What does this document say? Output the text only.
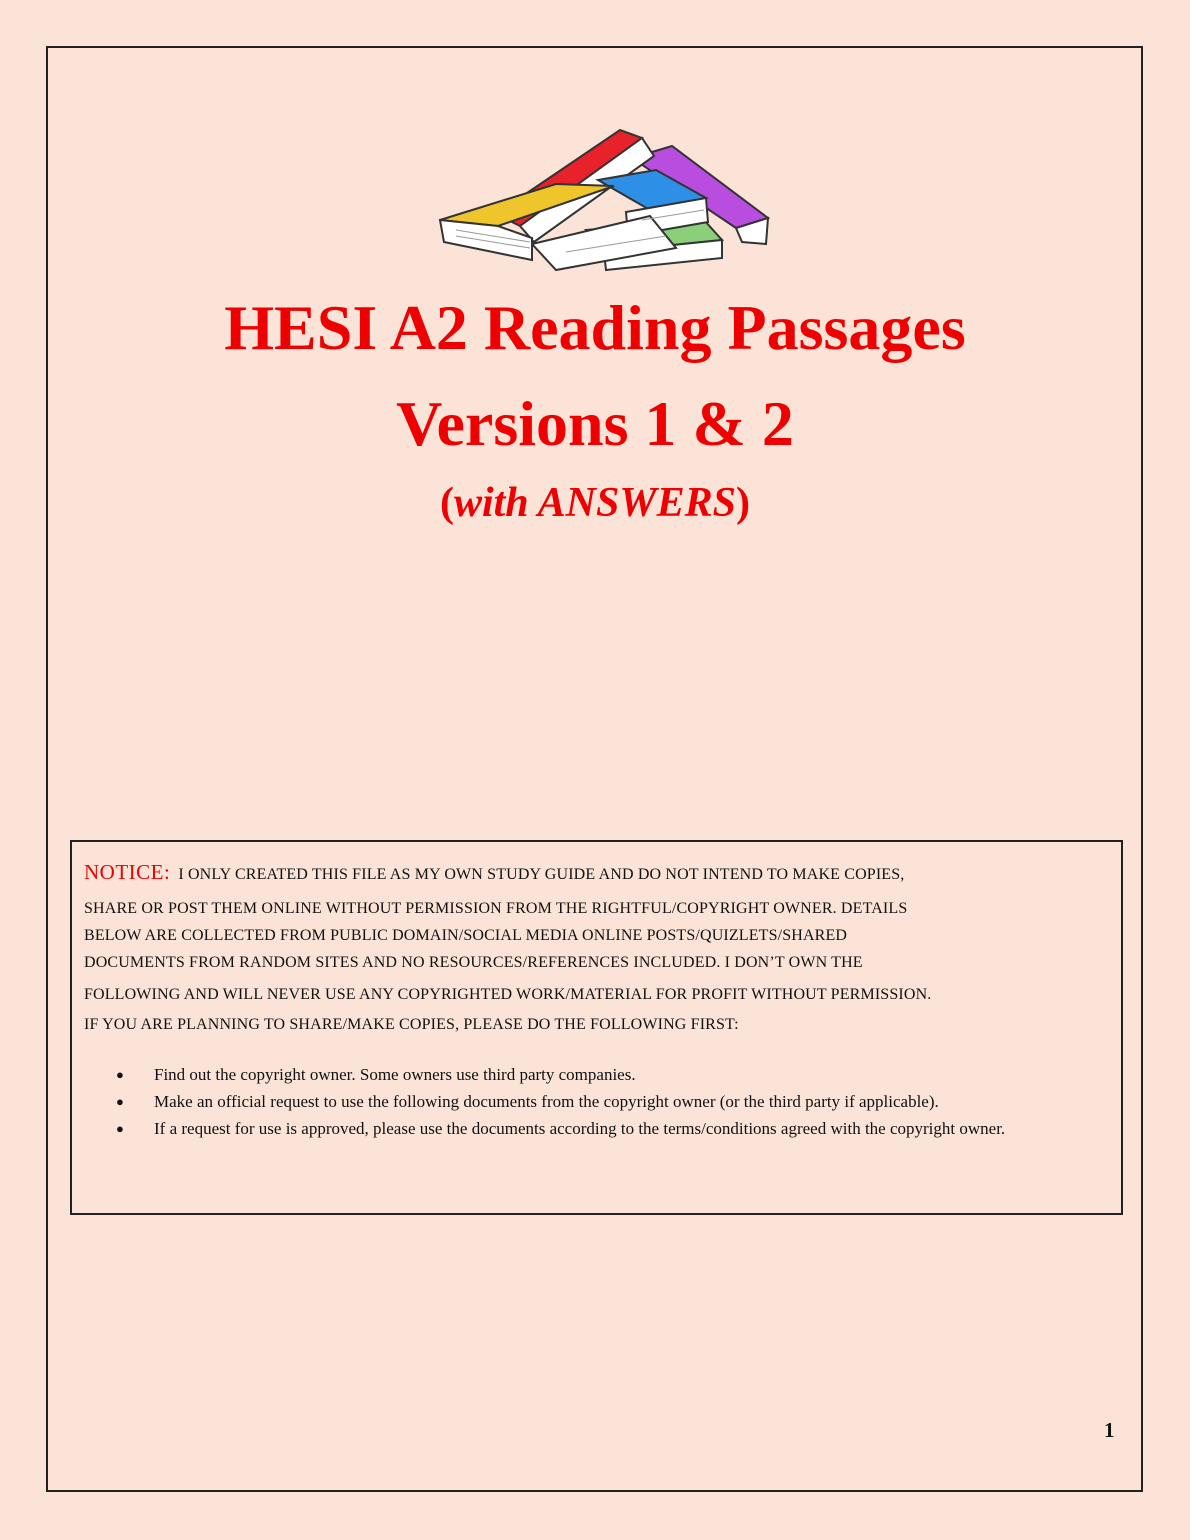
HESI A2 Reading Passages
Versions 1 & 2
(with ANSWERS)
NOTICE: I ONLY CREATED THIS FILE AS MY OWN STUDY GUIDE AND DO NOT INTEND TO MAKE COPIES,
SHARE OR POST THEM ONLINE WITHOUT PERMISSION FROM THE RIGHTFUL/COPYRIGHT OWNER. DETAILS
BELOW ARE COLLECTED FROM PUBLIC DOMAIN/SOCIAL MEDIA ONLINE POSTS/QUIZLETS/SHARED
DOCUMENTS FROM RANDOM SITES AND NO RESOURCES/REFERENCES INCLUDED. I DON’T OWN THE
FOLLOWING AND WILL NEVER USE ANY COPYRIGHTED WORK/MATERIAL FOR PROFIT WITHOUT PERMISSION.
IF YOU ARE PLANNING TO SHARE/MAKE COPIES, PLEASE DO THE FOLLOWING FIRST:
● Find out the copyright owner. Some owners use third party companies.
● Make an official request to use the following documents from the copyright owner (or the third party if applicable).
● If a request for use is approved, please use the documents according to the terms/conditions agreed with the copyright owner.
1
